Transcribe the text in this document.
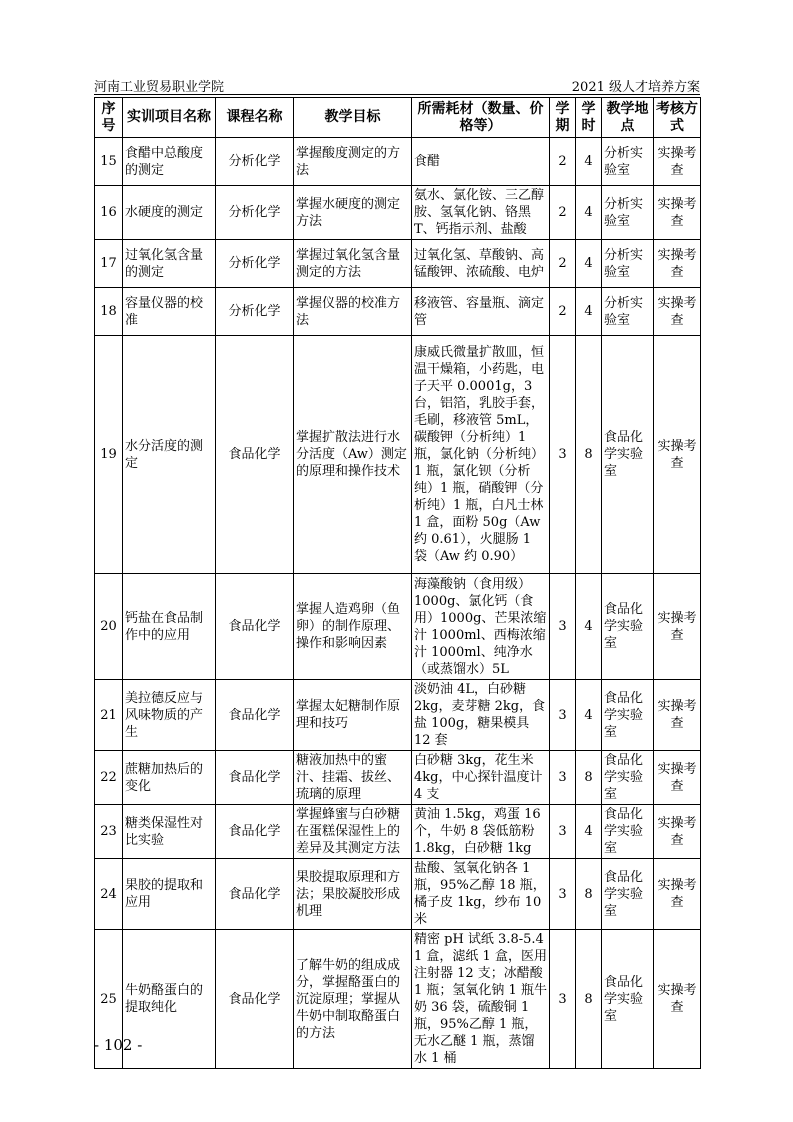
河南工业贸易职业学院	2021 级人才培养方案
序号	实训项目名称	课程名称	教学目标	所需耗材（数量、价格等）	学期	学时	教学地点	考核方式
15	食醋中总酸度的测定	分析化学	掌握酸度测定的方法	食醋	2	4	分析实验室	实操考查
16	水硬度的测定	分析化学	掌握水硬度的测定方法	氨水、氯化铵、三乙醇胺、氢氧化钠、铬黑 T、钙指示剂、盐酸	2	4	分析实验室	实操考查
17	过氧化氢含量的测定	分析化学	掌握过氧化氢含量测定的方法	过氧化氢、草酸钠、高锰酸钾、浓硫酸、电炉	2	4	分析实验室	实操考查
18	容量仪器的校准	分析化学	掌握仪器的校准方法	移液管、容量瓶、滴定管	2	4	分析实验室	实操考查
19	水分活度的测定	食品化学	掌握扩散法进行水分活度（Aw）测定的原理和操作技术	康威氏微量扩散皿，恒温干燥箱，小药匙，电子天平 0.0001g，3 台，铝箔，乳胶手套，毛刷，移液管 5mL，碳酸钾（分析纯）1 瓶，氯化钠（分析纯）1 瓶，氯化钡（分析纯）1 瓶，硝酸钾（分析纯）1 瓶，白凡士林 1 盒，面粉 50g（Aw 约 0.61），火腿肠 1 袋（Aw 约 0.90）	3	8	食品化学实验室	实操考查
20	钙盐在食品制作中的应用	食品化学	掌握人造鸡卵（鱼卵）的制作原理、操作和影响因素	海藻酸钠（食用级）1000g、氯化钙（食用）1000g、芒果浓缩汁 1000ml、西梅浓缩汁 1000ml、纯净水（或蒸馏水）5L	3	4	食品化学实验室	实操考查
21	美拉德反应与风味物质的产生	食品化学	掌握太妃糖制作原理和技巧	淡奶油 4L，白砂糖 2kg，麦芽糖 2kg，食盐 100g，糖果模具 12 套	3	4	食品化学实验室	实操考查
22	蔗糖加热后的变化	食品化学	糖液加热中的蜜汁、挂霜、拔丝、琉璃的原理	白砂糖 3kg，花生米 4kg，中心探针温度计 4 支	3	8	食品化学实验室	实操考查
23	糖类保湿性对比实验	食品化学	掌握蜂蜜与白砂糖在蛋糕保湿性上的差异及其测定方法	黄油 1.5kg，鸡蛋 16 个，牛奶 8 袋低筋粉 1.8kg，白砂糖 1kg	3	4	食品化学实验室	实操考查
24	果胶的提取和应用	食品化学	果胶提取原理和方法；果胶凝胶形成机理	盐酸、氢氧化钠各 1 瓶，95%乙醇 18 瓶，橘子皮 1kg，纱布 10 米	3	8	食品化学实验室	实操考查
25	牛奶酪蛋白的提取纯化	食品化学	了解牛奶的组成成分，掌握酪蛋白的沉淀原理；掌握从牛奶中制取酪蛋白的方法	精密 pH 试纸 3.8-5.4 1 盒，滤纸 1 盒，医用注射器 12 支；冰醋酸 1 瓶；氢氧化钠 1 瓶牛奶 36 袋，硫酸铜 1 瓶，95%乙醇 1 瓶，无水乙醚 1 瓶，蒸馏水 1 桶	3	8	食品化学实验室	实操考查
- 102 -
